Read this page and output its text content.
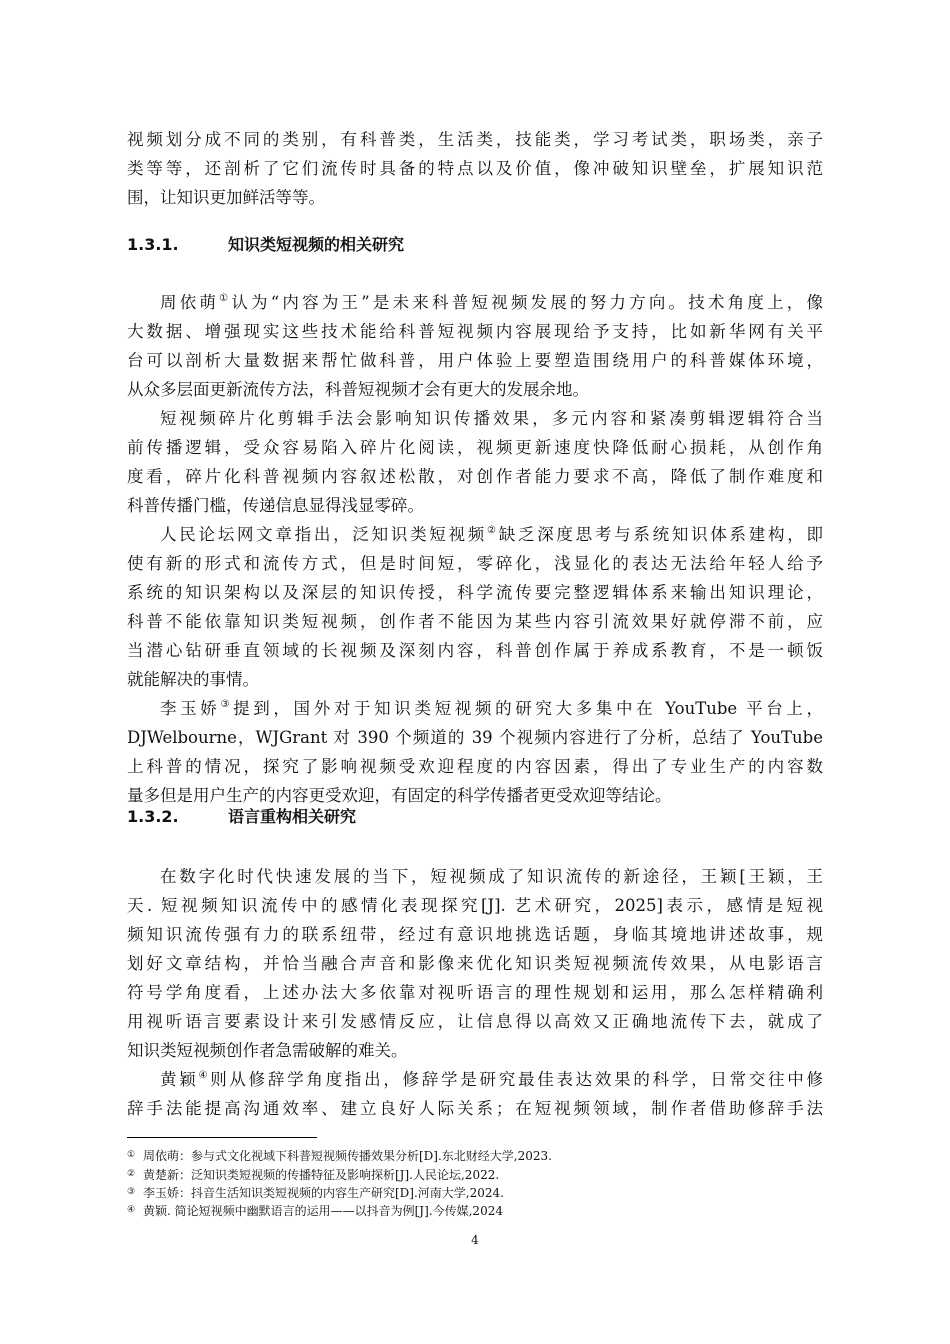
视频划分成不同的类别，有科普类，生活类，技能类，学习考试类，职场类，亲子
类等等，还剖析了它们流传时具备的特点以及价值，像冲破知识壁垒，扩展知识范
围，让知识更加鲜活等等。
1.3.1.	知识类短视频的相关研究
周依萌①认为“内容为王”是未来科普短视频发展的努力方向。技术角度上，像
大数据、增强现实这些技术能给科普短视频内容展现给予支持，比如新华网有关平
台可以剖析大量数据来帮忙做科普，用户体验上要塑造围绕用户的科普媒体环境，
从众多层面更新流传方法，科普短视频才会有更大的发展余地。
短视频碎片化剪辑手法会影响知识传播效果，多元内容和紧凑剪辑逻辑符合当
前传播逻辑，受众容易陷入碎片化阅读，视频更新速度快降低耐心损耗，从创作角
度看，碎片化科普视频内容叙述松散，对创作者能力要求不高，降低了制作难度和
科普传播门槛，传递信息显得浅显零碎。
人民论坛网文章指出，泛知识类短视频②缺乏深度思考与系统知识体系建构，即
使有新的形式和流传方式，但是时间短，零碎化，浅显化的表达无法给年轻人给予
系统的知识架构以及深层的知识传授，科学流传要完整逻辑体系来输出知识理论，
科普不能依靠知识类短视频，创作者不能因为某些内容引流效果好就停滞不前，应
当潜心钻研垂直领域的长视频及深刻内容，科普创作属于养成系教育，不是一顿饭
就能解决的事情。
李玉娇③提到，国外对于知识类短视频的研究大多集中在 YouTube 平台上，
DJWelbourne，WJGrant 对 390 个频道的 39 个视频内容进行了分析，总结了 YouTube
上科普的情况，探究了影响视频受欢迎程度的内容因素，得出了专业生产的内容数
量多但是用户生产的内容更受欢迎，有固定的科学传播者更受欢迎等结论。
1.3.2.	语言重构相关研究
在数字化时代快速发展的当下，短视频成了知识流传的新途径，王颖[王颖，王
天. 短视频知识流传中的感情化表现探究[J]. 艺术研究，2025]表示，感情是短视
频知识流传强有力的联系纽带，经过有意识地挑选话题，身临其境地讲述故事，规
划好文章结构，并恰当融合声音和影像来优化知识类短视频流传效果，从电影语言
符号学角度看，上述办法大多依靠对视听语言的理性规划和运用，那么怎样精确利
用视听语言要素设计来引发感情反应，让信息得以高效又正确地流传下去，就成了
知识类短视频创作者急需破解的难关。
黄颖④则从修辞学角度指出，修辞学是研究最佳表达效果的科学，日常交往中修
辞手法能提高沟通效率、建立良好人际关系；在短视频领域，制作者借助修辞手法
① 周依萌：参与式文化视域下科普短视频传播效果分析[D].东北财经大学,2023.
② 黄楚新：泛知识类短视频的传播特征及影响探析[J].人民论坛,2022.
③ 李玉娇：抖音生活知识类短视频的内容生产研究[D].河南大学,2024.
④ 黄颖. 简论短视频中幽默语言的运用——以抖音为例[J].今传媒,2024
4
